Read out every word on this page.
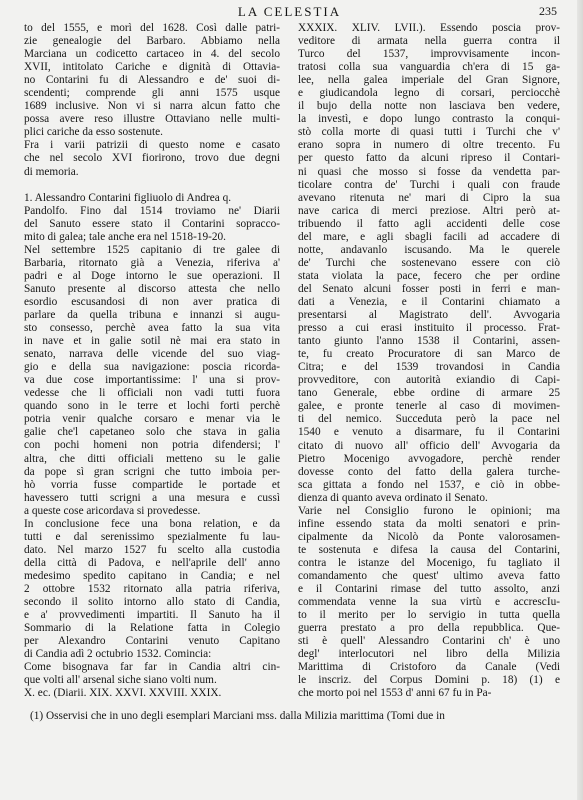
LA CELESTIA	235
to del 1555, e morì del 1628. Così dalle patri-
zie genealogie del Barbaro. Abbiamo nella
Marciana un codicetto cartaceo in 4. del secolo
XVII, intitolato Cariche e dignità di Ottavia-
no Contarini fu di Alessandro e de' suoi di-
scendenti; comprende gli anni 1575 usque
1689 inclusive. Non vi si narra alcun fatto che
possa avere reso illustre Ottaviano nelle multi-
plici cariche da esso sostenute.
Fra i varii patrizii di questo nome e casato
che nel secolo XVI fiorirono, trovo due degni
di memoria.
1. Alessandro Contarini figliuolo di Andrea q.
Pandolfo. Fino dal 1514 troviamo ne' Diarii
del Sanuto essere stato il Contarini sopracco-
mito di galea; tale anche era nel 1518-19-20.
Nel settembre 1525 capitanio di tre galee di
Barbaria, ritornato già a Venezia, riferiva a'
padri e al Doge intorno le sue operazioni. Il
Sanuto presente al discorso attesta che nello
esordio escusandosi di non aver pratica di
parlare da quella tribuna e innanzi si augu-
sto consesso, perchè avea fatto la sua vita
in nave et in galie sotil nè mai era stato in
senato, narrava delle vicende del suo viag-
gio e della sua navigazione: poscia ricorda-
va due cose importantissime: l' una si prov-
vedesse che li officiali non vadi tutti fuora
quando sono in le terre et lochi forti perchè
potria venir qualche corsaro e menar via le
galie che'l capetaneo solo che stava in galia
con pochi homeni non potria difendersi; l'
altra, che ditti officiali metteno su le galie
da pope sì gran scrigni che tutto imboia per-
hò vorria fusse compartide le portade et
havessero tutti scrigni a una mesura e cussì
a queste cose aricordava si provedesse.
In conclusione fece una bona relation, e da
tutti e dal serenissimo spezialmente fu lau-
dato. Nel marzo 1527 fu scelto alla custodia
della città di Padova, e nell'aprile dell' anno
medesimo spedito capitano in Candia; e nel
2 ottobre 1532 ritornato alla patria riferiva,
secondo il solito intorno allo stato di Candia,
e a' provvedimenti impartiti. Il Sanuto ha il
Sommario di la Relatione fatta in Colegio
per Alexandro Contarini venuto Capitano
di Candia adì 2 octubrio 1532. Comincia:
Come bisognava far far in Candia altri cin-
que volti all' arsenal siche siano volti num.
X. ec. (Diarii. XIX. XXVI. XXVIII. XXIX.
XXXIX. XLIV. LVII.). Essendo poscia prov-
veditore di armata nella guerra contra il
Turco del 1537, improvvisamente incon-
tratosi colla sua vanguardia ch'era di 15 ga-
lee, nella galea imperiale del Gran Signore,
e giudicandola legno di corsari, percioсchè
il bujo della notte non lasciava ben vedere,
la investì, e dopo lungo contrasto la conqui-
stò colla morte di quasi tutti i Turchi che v'
erano sopra in numero di oltre trecento. Fu
per questo fatto da alcuni ripreso il Contari-
ni quasi che mosso si fosse da vendetta par-
ticolare contra de' Turchi i quali con fraude
avevano ritenuta ne' mari di Cipro la sua
nave carica di merci preziose. Altri però at-
tribuendo il fatto agli accidenti delle cose
del mare, e agli sbagli facili ad accadere di
notte, andavanlo iscusando. Ma le querele
de' Turchi che sostenevano essere con ciò
stata violata la pace, fecero che per ordine
del Senato alcuni fosser posti in ferri e man-
dati a Venezia, e il Contarini chiamato a
presentarsi al Magistrato dell'. Avvogaria
presso a cui erasi instituito il processo. Frat-
tanto giunto l'anno 1538 il Contarini, assen-
te, fu creato Procuratore di san Marco de
Citra; e del 1539 trovandosi in Candia
provveditore, con autorità exiandio di Capi-
tano Generale, ebbe ordine di armare 25
galee, e pronte tenerle al caso di movimen-
ti del nemico. Succeduta però la pace nel
1540 e venuto a disarmare, fu il Contarini
citato di nuovo all' officio dell' Avvogaria da
Pietro Mocenigo avvogadore, perchè render
dovesse conto del fatto della galera turche-
sca gittata a fondo nel 1537, e ciò in obbe-
dienza di quanto aveva ordinato il Senato.
Varie nel Consiglio furono le opinioni; ma
infine essendo stata da molti senatori e prin-
cipalmente da Nicolò da Ponte valorosamen-
te sostenuta e difesa la causa del Contarini,
contra le istanze del Mocenigo, fu tagliato il
comandamento che quest' ultimo aveva fatto
e il Contarini rimase del tutto assolto, anzi
commendata venne la sua virtù e accrescIu-
to il merito per lo servigio in tutta quella
guerra prestato a pro della repubblica. Que-
sti è quell' Alessandro Contarini ch' è uno
degl' interlocutori nel libro della Milizia
Marittima di Cristoforo da Canale (Vedi
le inscriz. del Corpus Domini p. 18) (1) e
che morto poi nel 1553 d' anni 67 fu in Pa-
(1) Osservisi che in uno degli esemplari Marciani mss. dalla Milizia marittima (Tomi due in
